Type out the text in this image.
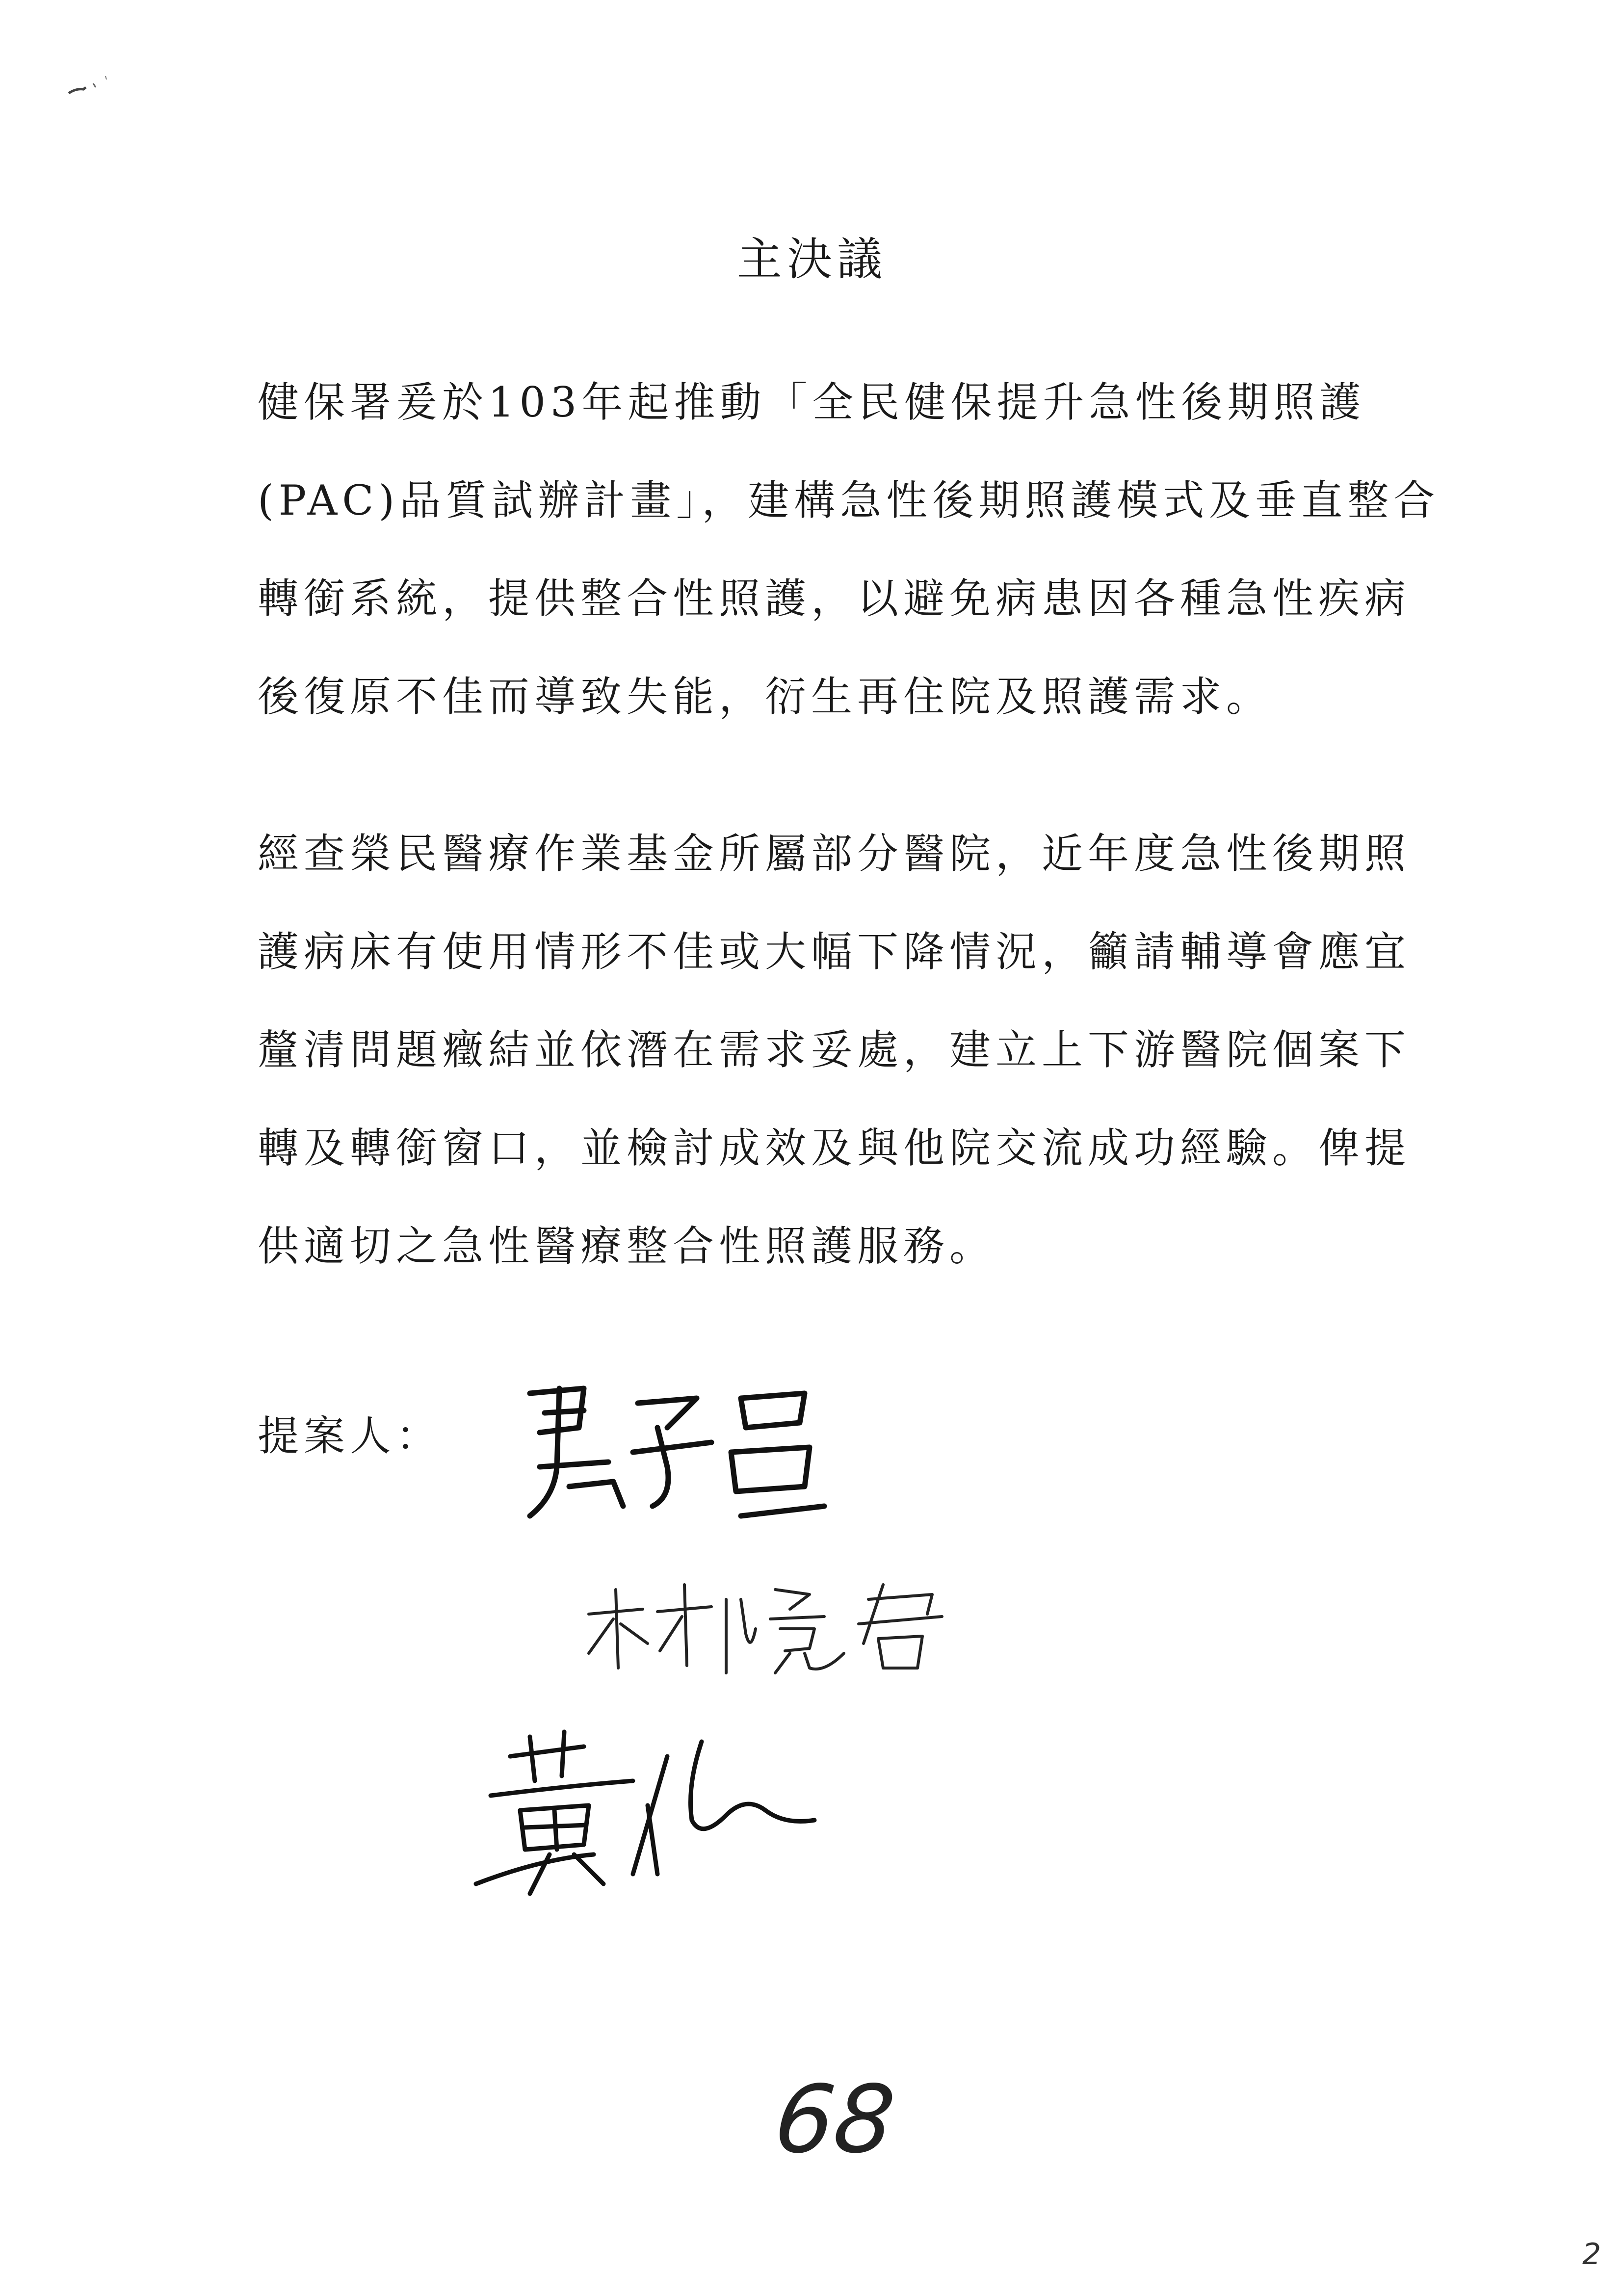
主決議
健保署爰於103年起推動「全民健保提升急性後期照護
(PAC)品質試辦計畫」，建構急性後期照護模式及垂直整合
轉銜系統，提供整合性照護，以避免病患因各種急性疾病
後復原不佳而導致失能，衍生再住院及照護需求。
經查榮民醫療作業基金所屬部分醫院，近年度急性後期照
護病床有使用情形不佳或大幅下降情況，籲請輔導會應宜
釐清問題癥結並依潛在需求妥處，建立上下游醫院個案下
轉及轉銜窗口，並檢討成效及與他院交流成功經驗。俾提
供適切之急性醫療整合性照護服務。
提案人：
68
2
